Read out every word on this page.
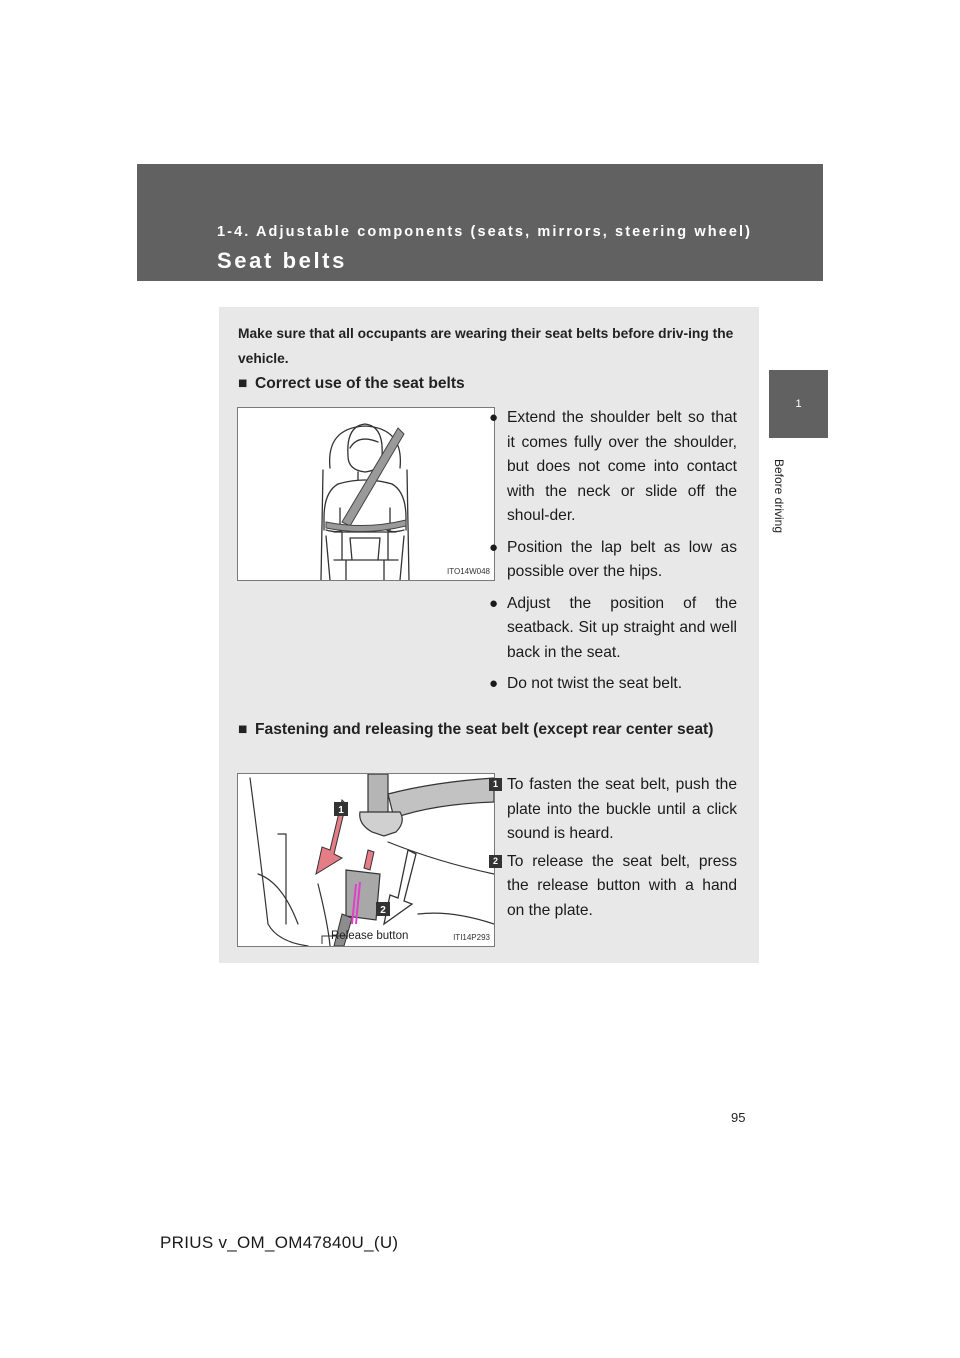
1-4. Adjustable components (seats, mirrors, steering wheel)
Seat belts
1
Before driving
Make sure that all occupants are wearing their seat belts before driv-ing the vehicle.
■ Correct use of the seat belts
ITO14W048
● Extend the shoulder belt so that it comes fully over the shoulder, but does not come into contact with the neck or slide off the shoul-der.
● Position the lap belt as low as possible over the hips.
● Adjust the position of the seatback. Sit up straight and well back in the seat.
● Do not twist the seat belt.
■ Fastening and releasing the seat belt (except rear center seat)
1
2
Release button	ITI14P293
1 To fasten the seat belt, push the plate into the buckle until a click sound is heard.
2 To release the seat belt, press the release button with a hand on the plate.
95
PRIUS v_OM_OM47840U_(U)
